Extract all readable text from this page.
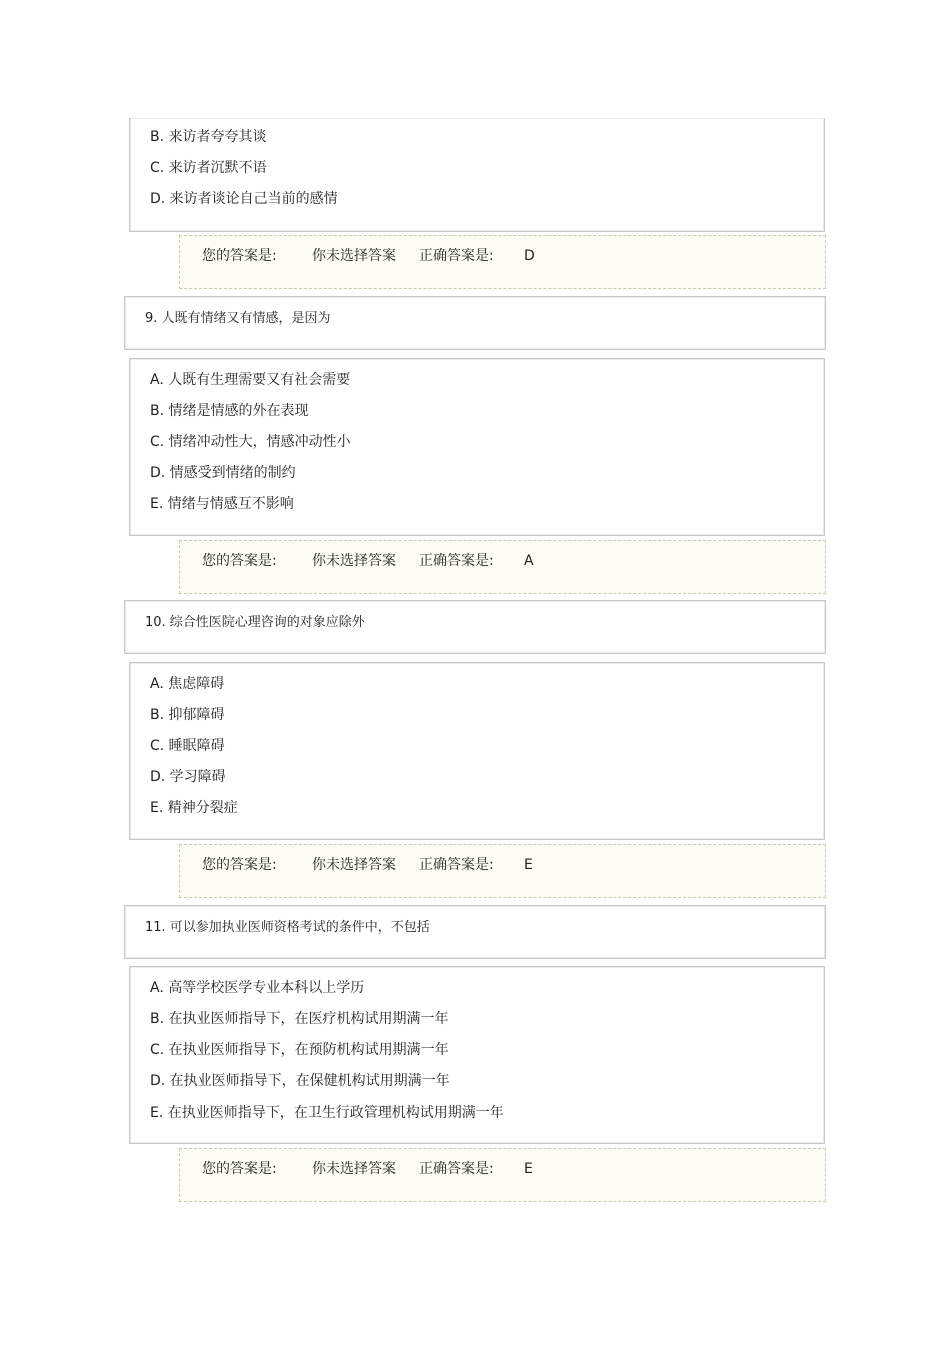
B. 来访者夸夸其谈
C. 来访者沉默不语
D. 来访者谈论自己当前的感情
您的答案是:	你未选择答案 正确答案是: D
9. 人既有情绪又有情感，是因为
A. 人既有生理需要又有社会需要
B. 情绪是情感的外在表现
C. 情绪冲动性大，情感冲动性小
D. 情感受到情绪的制约
E. 情绪与情感互不影响
您的答案是:	你未选择答案 正确答案是: A
10. 综合性医院心理咨询的对象应除外
A. 焦虑障碍
B. 抑郁障碍
C. 睡眠障碍
D. 学习障碍
E. 精神分裂症
您的答案是:	你未选择答案 正确答案是: E
11. 可以参加执业医师资格考试的条件中，不包括
A. 高等学校医学专业本科以上学历
B. 在执业医师指导下，在医疗机构试用期满一年
C. 在执业医师指导下，在预防机构试用期满一年
D. 在执业医师指导下，在保健机构试用期满一年
E. 在执业医师指导下，在卫生行政管理机构试用期满一年
您的答案是:	你未选择答案 正确答案是: E
